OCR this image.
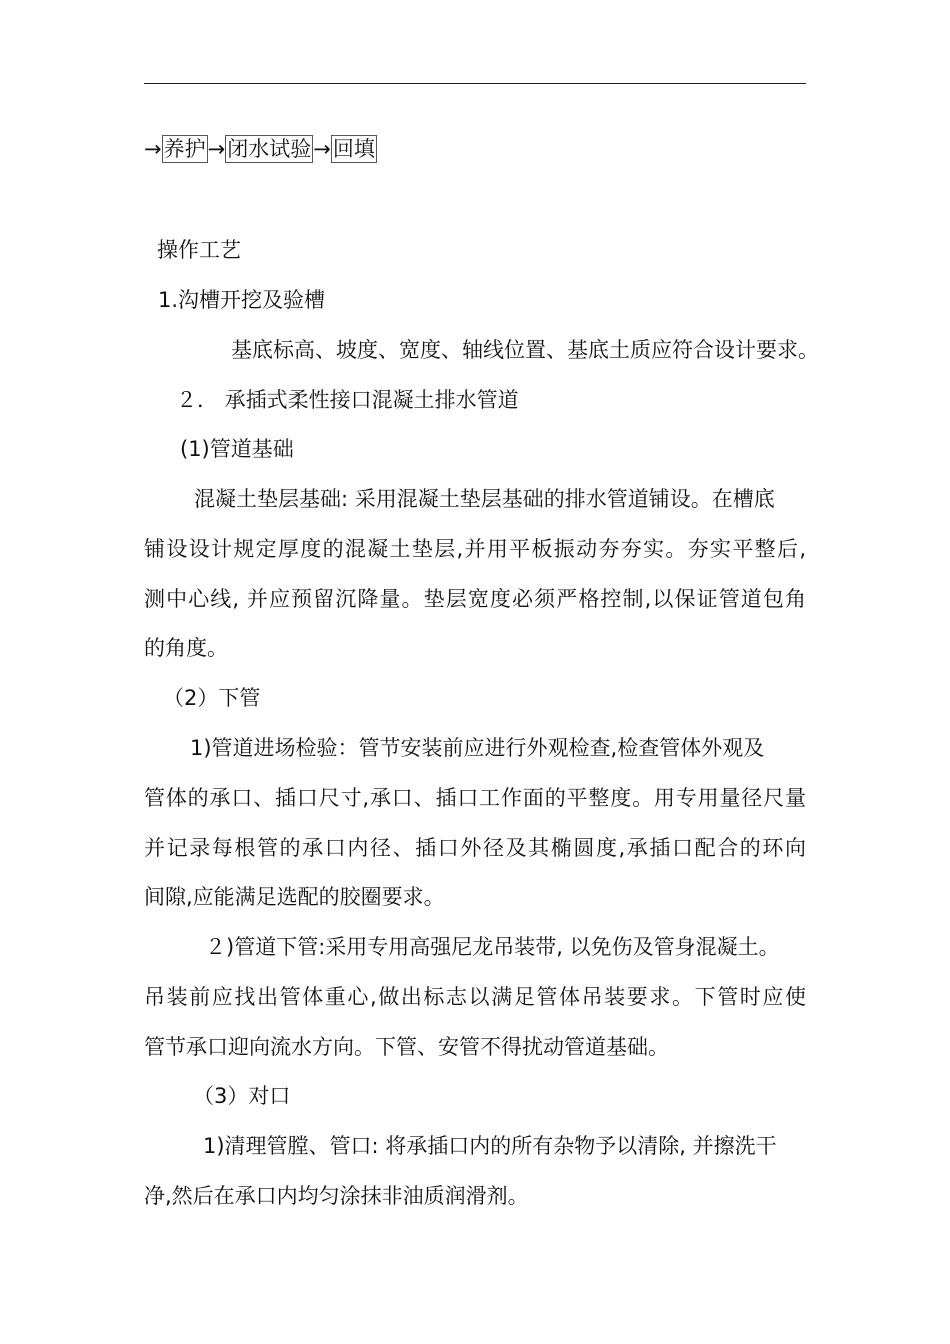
→ 养护 → 闭水试验 → 回填
操作工艺
1.沟槽开挖及验槽
基底标高、坡度、宽度、轴线位置、基底土质应符合设计要求。
２． 承插式柔性接口混凝土排水管道
(1)管道基础
混凝土垫层基础: 采用混凝土垫层基础的排水管道铺设。在槽底
铺设设计规定厚度的混凝土垫层,并用平板振动夯夯实。夯实平整后,
测中心线, 并应预留沉降量。垫层宽度必须严格控制,以保证管道包角
的角度。
（2）下管
1)管道进场检验：管节安装前应进行外观检查,检查管体外观及
管体的承口、插口尺寸,承口、插口工作面的平整度。用专用量径尺量
并记录每根管的承口内径、插口外径及其椭圆度,承插口配合的环向
间隙,应能满足选配的胶圈要求。
２)管道下管:采用专用高强尼龙吊装带, 以免伤及管身混凝土。
吊装前应找出管体重心,做出标志以满足管体吊装要求。下管时应使
管节承口迎向流水方向。下管、安管不得扰动管道基础。
（3）对口
1)清理管膛、管口: 将承插口内的所有杂物予以清除, 并擦洗干
净,然后在承口内均匀涂抹非油质润滑剂。
